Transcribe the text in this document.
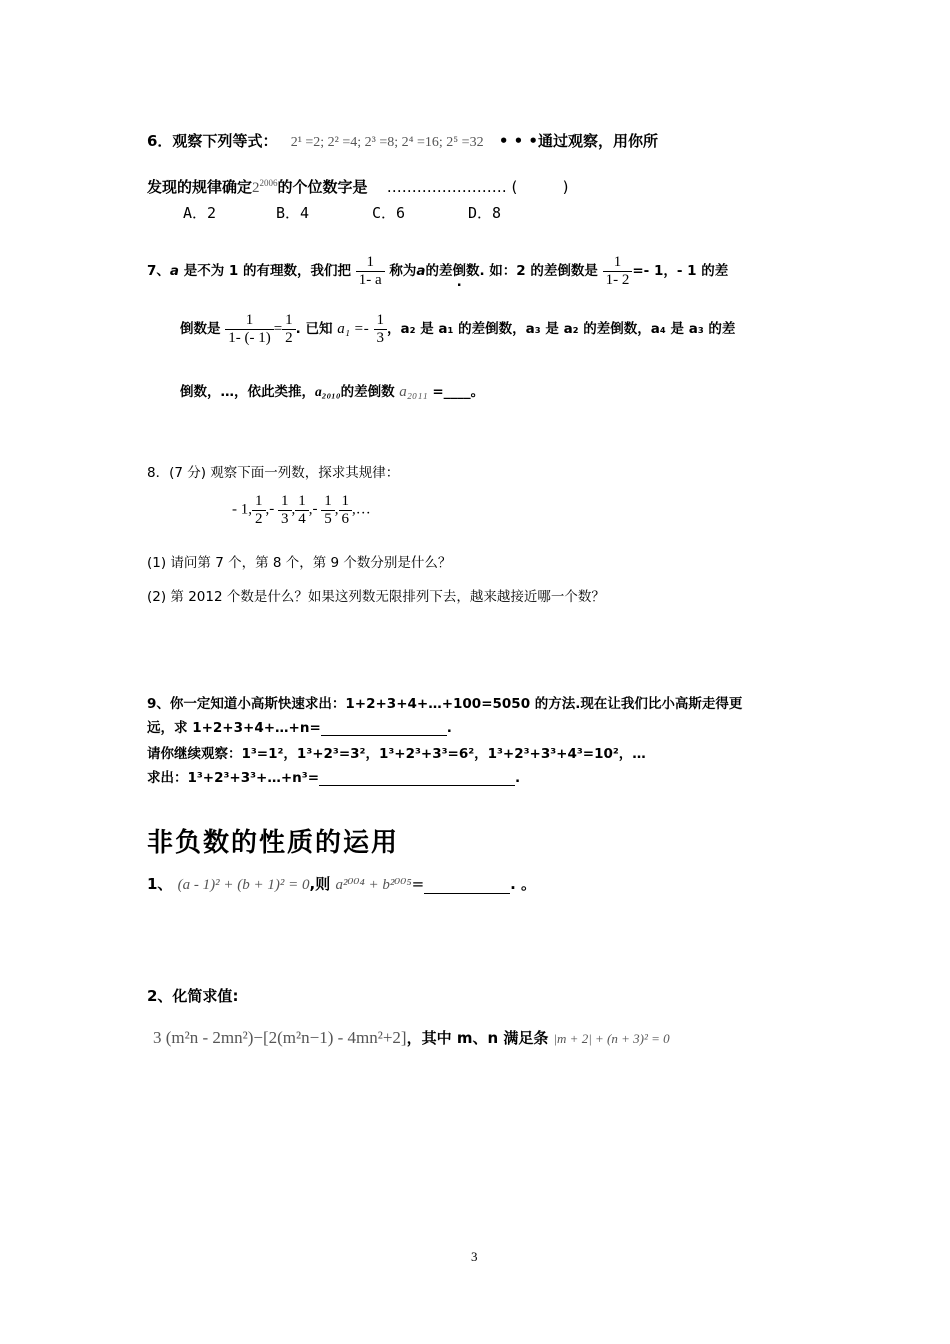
6．观察下列等式： 2¹ =2; 2² =4; 2³ =8; 2⁴ =16; 2⁵ =32 • • •通过观察，用你所
发现的规律确定$2^{2006}$的个位数字是 …………………… (	)
A．2	B．4	C．6	D．8
7、a 是不为 1 的有理数，我们把 $\frac{1}{1- a}$ 称为a的差倒数. 如：2 的差倒数是 $\frac{1}{1- 2} =- 1$，- 1 的差
倒数是 $\frac{1}{1- (- 1)} = \frac{1}{2}$ . 已知 $a_1 =- \frac{1}{3}$ ，a₂ 是 a₁ 的差倒数，a₃ 是 a₂ 的差倒数，a₄ 是 a₃ 的差
倒数，…，依此类推，a₂₀₁₀的差倒数 a₂₀₁₁ =____。
8．(7 分) 观察下面一列数，探求其规律：
- 1, $\frac{1}{2}$ ,- $\frac{1}{3}$ , $\frac{1}{4}$ ,- $\frac{1}{5}$ , $\frac{1}{6}$ ,…
(1) 请问第 7 个，第 8 个，第 9 个数分别是什么？
(2) 第 2012 个数是什么？如果这列数无限排列下去，越来越接近哪一个数？
9、你一定知道小高斯快速求出：1+2+3+4+…+100=5050 的方法.现在让我们比小高斯走得更
远，求 1+2+3+4+…+n=	.
请你继续观察：1³=1²，1³+2³=3²，1³+2³+3³=6²，1³+2³+3³+4³=10²，…
求出：1³+2³+3³+…+n³=	.
非负数的性质的运用
1、 (a - 1)² + (b + 1)² = 0,则 a²⁰⁰⁴ + b²⁰⁰⁵=	. 。
2、化简求值:
3 (m²n - 2mn²)−[2(m²n−1) - 4mn²+2]，其中 m、n 满足条 |m + 2| + (n + 3)² = 0
3
